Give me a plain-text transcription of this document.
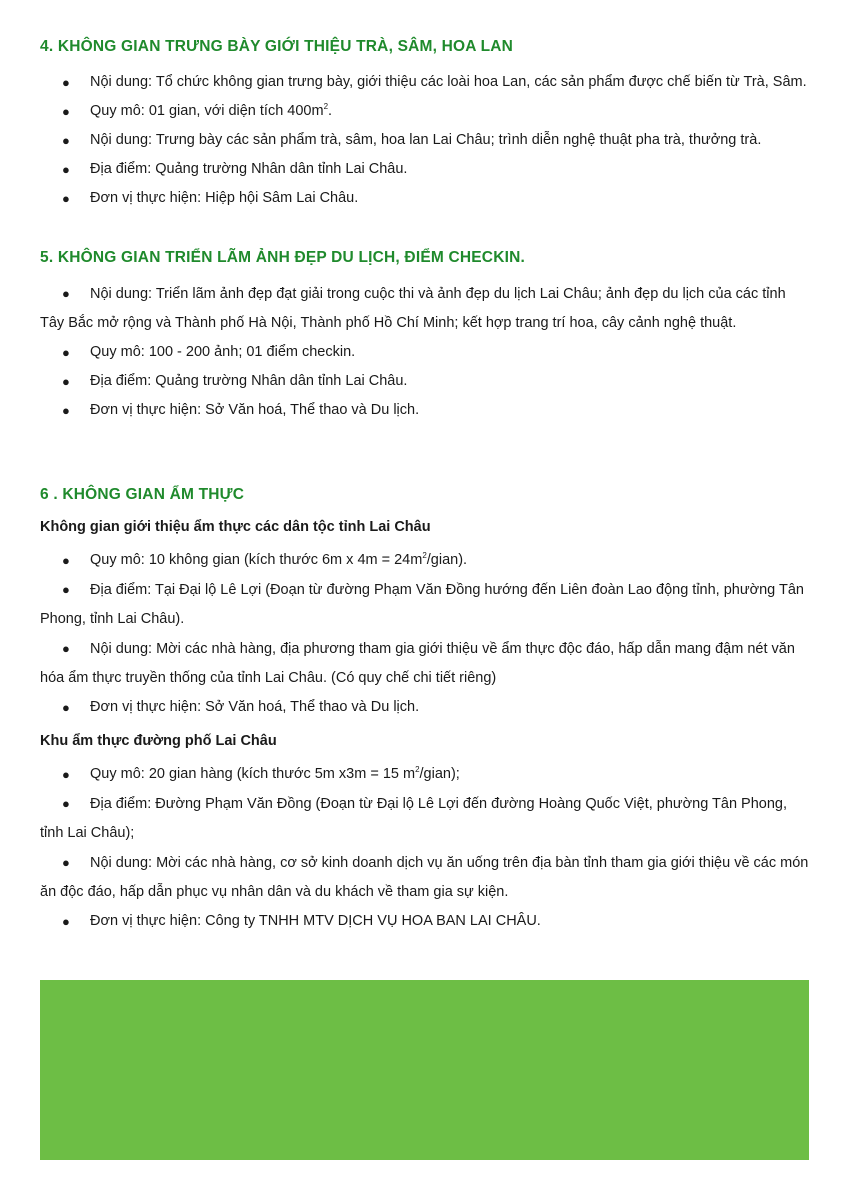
4. KHÔNG GIAN TRƯNG BÀY GIỚI THIỆU TRÀ, SÂM, HOA LAN
●	Nội dung: Tổ chức không gian trưng bày, giới thiệu các loài hoa Lan, các sản phẩm được chế biến từ Trà, Sâm.
●	Quy mô: 01 gian, với diện tích $400m^2$.
●	Nội dung: Trưng bày các sản phẩm trà, sâm, hoa lan Lai Châu; trình diễn nghệ thuật pha trà, thưởng trà.
●	Địa điểm: Quảng trường Nhân dân tỉnh Lai Châu.
●	Đơn vị thực hiện: Hiệp hội Sâm Lai Châu.
5. KHÔNG GIAN TRIỂN LÃM ẢNH ĐẸP DU LỊCH, ĐIỂM CHECKIN.
● Nội dung: Triển lãm ảnh đẹp đạt giải trong cuộc thi và ảnh đẹp du lịch Lai Châu; ảnh đẹp du lịch của các tỉnh Tây Bắc mở rộng và Thành phố Hà Nội, Thành phố Hồ Chí Minh; kết hợp trang trí hoa, cây cảnh nghệ thuật.
●	Quy mô: 100 - 200 ảnh; 01 điểm checkin.
●	Địa điểm: Quảng trường Nhân dân tỉnh Lai Châu.
●	Đơn vị thực hiện: Sở Văn hoá, Thể thao và Du lịch.
6 . KHÔNG GIAN ẨM THỰC
Không gian giới thiệu ẩm thực các dân tộc tỉnh Lai Châu
●	Quy mô: 10 không gian (kích thước 6m x $4m = 24m^2/gian$).
● Địa điểm: Tại Đại lộ Lê Lợi (Đoạn từ đường Phạm Văn Đồng hướng đến Liên đoàn Lao động tỉnh, phường Tân Phong, tỉnh Lai Châu).
● Nội dung: Mời các nhà hàng, địa phương tham gia giới thiệu về ẩm thực độc đáo, hấp dẫn mang đậm nét văn hóa ẩm thực truyền thống của tỉnh Lai Châu. (Có quy chế chi tiết riêng)
●	Đơn vị thực hiện: Sở Văn hoá, Thể thao và Du lịch.
Khu ẩm thực đường phố Lai Châu
●	Quy mô: 20 gian hàng (kích thước 5m x3m = 15 $m^2/gian$);
● Địa điểm: Đường Phạm Văn Đồng (Đoạn từ Đại lộ Lê Lợi đến đường Hoàng Quốc Việt, phường Tân Phong, tỉnh Lai Châu);
● Nội dung: Mời các nhà hàng, cơ sở kinh doanh dịch vụ ăn uống trên địa bàn tỉnh tham gia giới thiệu về các món ăn độc đáo, hấp dẫn phục vụ nhân dân và du khách về tham gia sự kiện.
●	Đơn vị thực hiện: Công ty TNHH MTV DỊCH VỤ HOA BAN LAI CHÂU.
